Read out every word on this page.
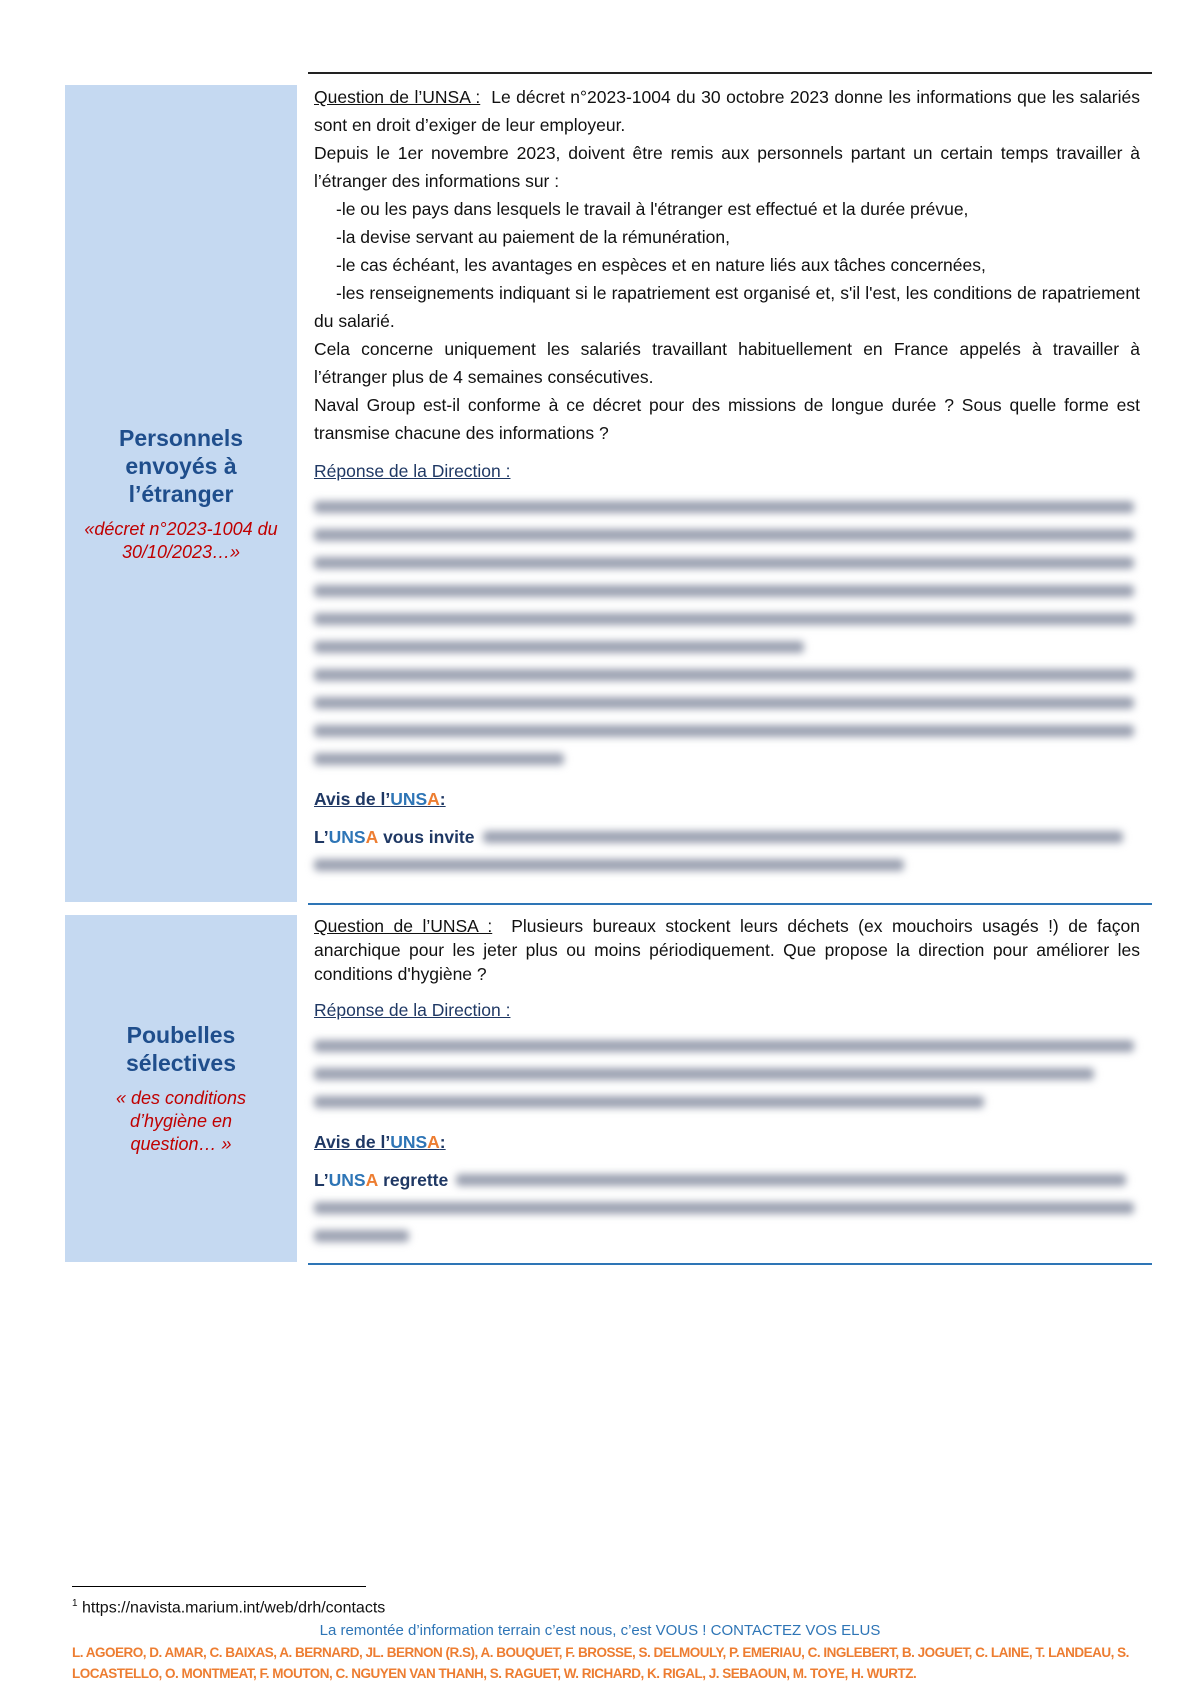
Personnels envoyés à l’étranger
«décret n°2023-1004 du 30/10/2023…»

Question de l’UNSA : Le décret n°2023-1004 du 30 octobre 2023 donne les informations que les salariés sont en droit d’exiger de leur employeur.

Depuis le 1er novembre 2023, doivent être remis aux personnels partant un certain temps travailler à l’étranger des informations sur :

-le ou les pays dans lesquels le travail à l'étranger est effectué et la durée prévue,

-la devise servant au paiement de la rémunération,

-le cas échéant, les avantages en espèces et en nature liés aux tâches concernées,

-les renseignements indiquant si le rapatriement est organisé et, s'il l'est, les conditions de rapatriement du salarié.

Cela concerne uniquement les salariés travaillant habituellement en France appelés à travailler à l’étranger plus de 4 semaines consécutives.

Naval Group est-il conforme à ce décret pour des missions de longue durée ? Sous quelle forme est transmise chacune des informations ?

Réponse de la Direction :

Avis de l’UNSA:

L’ UN S A
vous invite
Poubelles sélectives
« des conditions d’hygiène en question… »

Question de l’UNSA : Plusieurs bureaux stockent leurs déchets (ex mouchoirs usagés !) de façon anarchique pour les jeter plus ou moins périodiquement. Que propose la direction pour améliorer les conditions d'hygiène ?

Réponse de la Direction :

Avis de l’UNSA:

L’ UN S A
regrette
$^1$ https://navista.marium.int/web/drh/contacts
La remontée d’information terrain c’est nous, c’est VOUS ! CONTACTEZ VOS ELUS
L. AGOERO, D. AMAR, C. BAIXAS, A. BERNARD, JL. BERNON (R.S), A. BOUQUET, F. BROSSE, S. DELMOULY, P. EMERIAU, C. INGLEBERT, B. JOGUET, C. LAINE, T. LANDEAU, S. LOCASTELLO, O. MONTMEAT, F. MOUTON, C. NGUYEN VAN THANH, S. RAGUET, W. RICHARD, K. RIGAL, J. SEBAOUN, M. TOYE, H. WURTZ.
